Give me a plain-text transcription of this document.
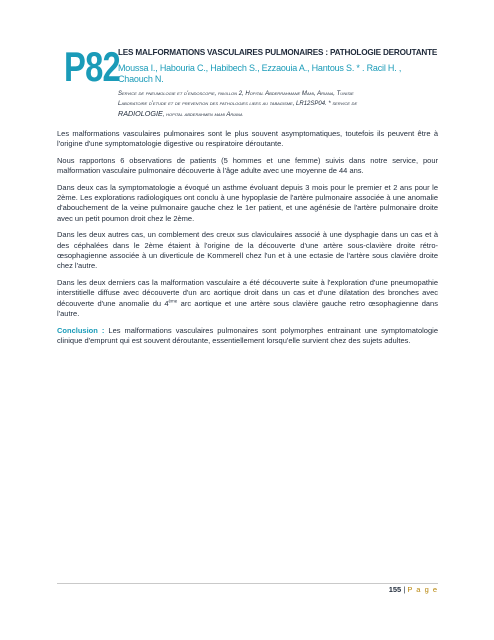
P82
LES MALFORMATIONS VASCULAIRES PULMONAIRES : PATHOLOGIE DEROUTANTE
Moussa I., Habouria C., Habibech S., Ezzaouia A., Hantous S. * . Racil H. , Chaouch N.
Service de pneumologie et d'endoscopie, pavillon 2, Hopital Abderrahmane Mami, Ariana, Tunisie
Laboratoire d'etude et de prevention des pathologies liees au tabagisme, LR12SP04. * service de
RADIOLOGIE, hopital abderahmen mami Ariana

Les malformations vasculaires pulmonaires sont le plus souvent asymptomatiques, toutefois ils peuvent être à l'origine d'une symptomatologie digestive ou respiratoire déroutante.

Nous rapportons 6 observations de patients (5 hommes et une femme) suivis dans notre service, pour malformation vasculaire pulmonaire découverte à l'âge adulte avec une moyenne de 44 ans.

Dans deux cas la symptomatologie a évoqué un asthme évoluant depuis 3 mois pour le premier et 2 ans pour le 2ème. Les explorations radiologiques ont conclu à une hypoplasie de l'artère pulmonaire associée à une anomalie d'abouchement de la veine pulmonaire gauche chez le 1er patient, et une agénésie de l'artère pulmonaire droite avec un petit poumon droit chez le 2ème.

Dans les deux autres cas, un comblement des creux sus claviculaires associé à une dysphagie dans un cas et à des céphalées dans le 2ème étaient à l'origine de la découverte d'une artère sous-clavière droite rétro-œsophagienne associée à un diverticule de Kommerell chez l'un et à une ectasie de l'artère sous clavière droite chez l'autre.

Dans les deux derniers cas la malformation vasculaire a été découverte suite à l'exploration d'une pneumopathie interstitielle diffuse avec découverte d'un arc aortique droit dans un cas et d'une dilatation des bronches avec découverte d'une anomalie du 4ème arc aortique et une artère sous clavière gauche retro œsophagienne dans l'autre.

Conclusion : Les malformations vasculaires pulmonaires sont polymorphes entrainant une symptomatologie clinique d'emprunt qui est souvent déroutante, essentiellement lorsqu'elle survient chez des sujets adultes.

155 | P a g e
